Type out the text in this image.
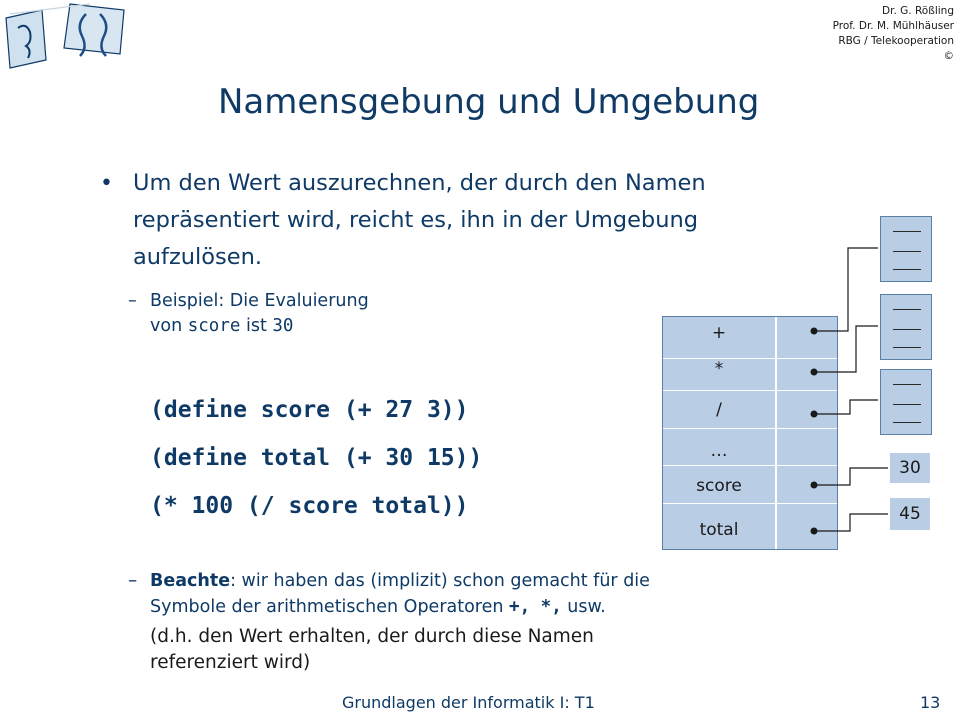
Dr. G. Rößling
Prof. Dr. M. Mühlhäuser
RBG / Telekooperation
©
Namensgebung und Umgebung
• Um den Wert auszurechnen, der durch den Namen repräsentiert wird, reicht es, ihn in der Umgebung aufzulösen.
– Beispiel: Die Evaluierung
von score ist 30
(define score (+ 27 3))
(define total (+ 30 15))
(* 100 (/ score total))
+
*
/
…
score
total
30
45
– Beachte: wir haben das (implizit) schon gemacht für die
Symbole der arithmetischen Operatoren +, *, usw.
(d.h. den Wert erhalten, der durch diese Namen
referenziert wird)
Grundlagen der Informatik I: T1	13
